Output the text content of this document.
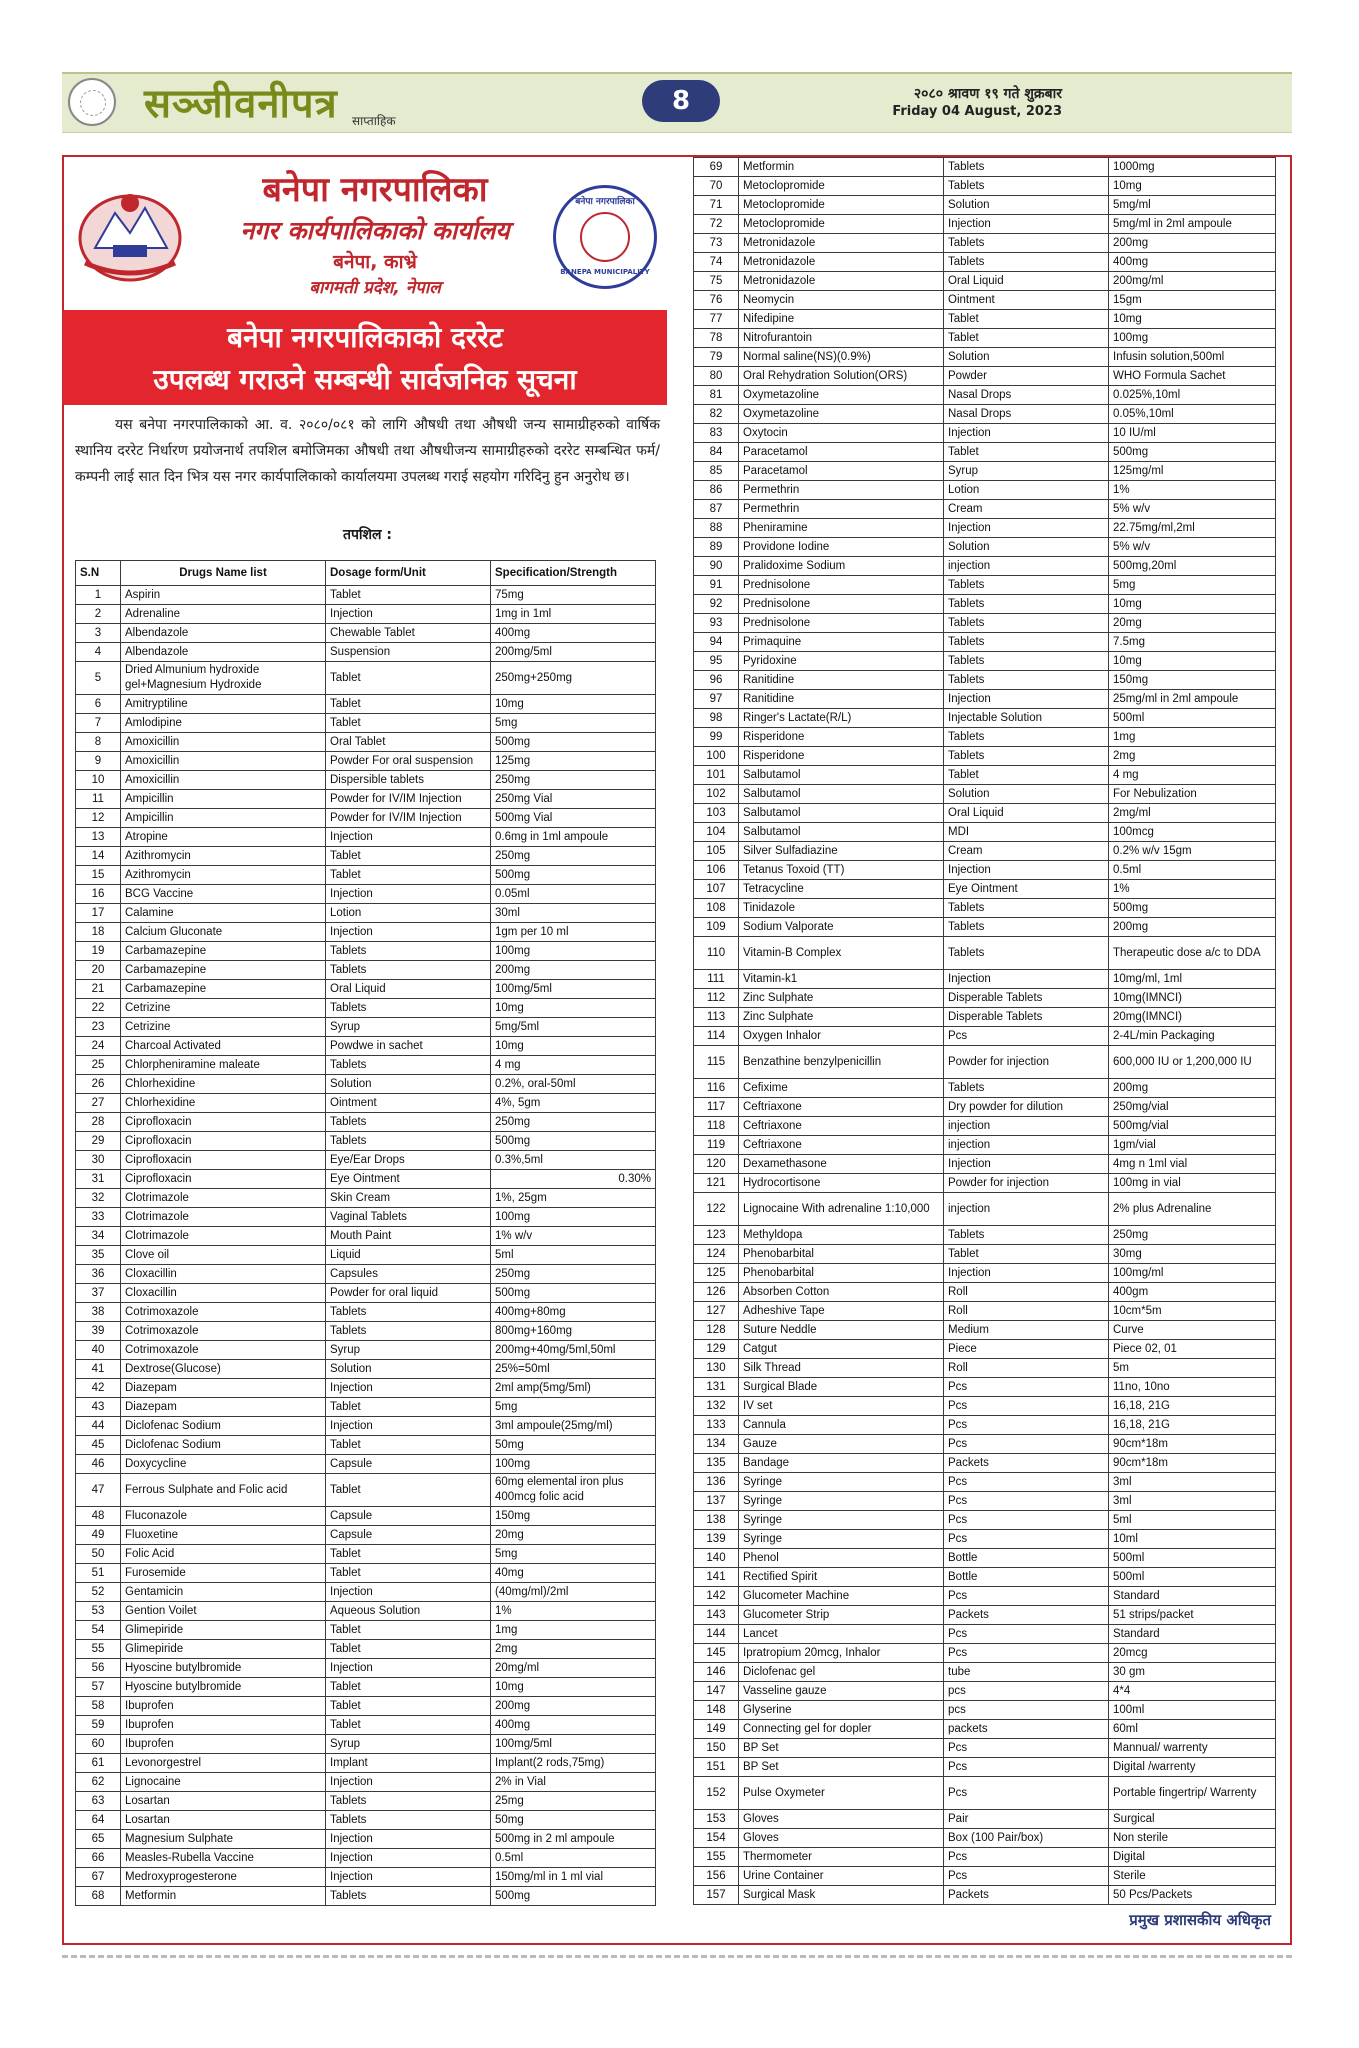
सञ्जीवनीपत्र साप्ताहिक
8	२०८० श्रावण १९ गते शुक्रबार
Friday 04 August, 2023
बनेपा नगरपालिका
नगर कार्यपालिकाको कार्यालय
बनेपा, काभ्रे
बागमती प्रदेश, नेपाल
बनेपा नगरपालिका
BANEPA MUNICIPALITY
बनेपा नगरपालिकाको दररेट
उपलब्ध गराउने सम्बन्धी सार्वजनिक सूचना
यस बनेपा नगरपालिकाको आ. व. २०८०/०८१ को लागि औषधी तथा औषधी जन्य सामाग्रीहरुको वार्षिक स्थानिय दररेट निर्धारण प्रयोजनार्थ तपशिल बमोजिमका औषधी तथा औषधीजन्य सामाग्रीहरुको दररेट सम्बन्धित फर्म/कम्पनी लाई सात दिन भित्र यस नगर कार्यपालिकाको कार्यालयमा उपलब्ध गराई सहयोग गरिदिनु हुन अनुरोध छ।
तपशिल :
S.N	Drugs Name list	Dosage form/Unit	Specification/Strength
1	Aspirin	Tablet	75mg
2	Adrenaline	Injection	1mg in 1ml
3	Albendazole	Chewable Tablet	400mg
4	Albendazole	Suspension	200mg/5ml
5	Dried Almunium hydroxide gel+Magnesium Hydroxide	Tablet	250mg+250mg
6	Amitryptiline	Tablet	10mg
7	Amlodipine	Tablet	5mg
8	Amoxicillin	Oral Tablet	500mg
9	Amoxicillin	Powder For oral suspension	125mg
10	Amoxicillin	Dispersible tablets	250mg
11	Ampicillin	Powder for IV/IM Injection	250mg Vial
12	Ampicillin	Powder for IV/IM Injection	500mg Vial
13	Atropine	Injection	0.6mg in 1ml ampoule
14	Azithromycin	Tablet	250mg
15	Azithromycin	Tablet	500mg
16	BCG Vaccine	Injection	0.05ml
17	Calamine	Lotion	30ml
18	Calcium Gluconate	Injection	1gm per 10 ml
19	Carbamazepine	Tablets	100mg
20	Carbamazepine	Tablets	200mg
21	Carbamazepine	Oral Liquid	100mg/5ml
22	Cetrizine	Tablets	10mg
23	Cetrizine	Syrup	5mg/5ml
24	Charcoal Activated	Powdwe in sachet	10mg
25	Chlorpheniramine maleate	Tablets	4 mg
26	Chlorhexidine	Solution	0.2%, oral-50ml
27	Chlorhexidine	Ointment	4%, 5gm
28	Ciprofloxacin	Tablets	250mg
29	Ciprofloxacin	Tablets	500mg
30	Ciprofloxacin	Eye/Ear Drops	0.3%,5ml
31	Ciprofloxacin	Eye Ointment	0.30%
32	Clotrimazole	Skin Cream	1%, 25gm
33	Clotrimazole	Vaginal Tablets	100mg
34	Clotrimazole	Mouth Paint	1% w/v
35	Clove oil	Liquid	5ml
36	Cloxacillin	Capsules	250mg
37	Cloxacillin	Powder for oral liquid	500mg
38	Cotrimoxazole	Tablets	400mg+80mg
39	Cotrimoxazole	Tablets	800mg+160mg
40	Cotrimoxazole	Syrup	200mg+40mg/5ml,50ml
41	Dextrose(Glucose)	Solution	25%=50ml
42	Diazepam	Injection	2ml amp(5mg/5ml)
43	Diazepam	Tablet	5mg
44	Diclofenac Sodium	Injection	3ml ampoule(25mg/ml)
45	Diclofenac Sodium	Tablet	50mg
46	Doxycycline	Capsule	100mg
47	Ferrous Sulphate and Folic acid	Tablet	60mg elemental iron plus 400mcg folic acid
48	Fluconazole	Capsule	150mg
49	Fluoxetine	Capsule	20mg
50	Folic Acid	Tablet	5mg
51	Furosemide	Tablet	40mg
52	Gentamicin	Injection	(40mg/ml)/2ml
53	Gention Voilet	Aqueous Solution	1%
54	Glimepiride	Tablet	1mg
55	Glimepiride	Tablet	2mg
56	Hyoscine butylbromide	Injection	20mg/ml
57	Hyoscine butylbromide	Tablet	10mg
58	Ibuprofen	Tablet	200mg
59	Ibuprofen	Tablet	400mg
60	Ibuprofen	Syrup	100mg/5ml
61	Levonorgestrel	Implant	Implant(2 rods,75mg)
62	Lignocaine	Injection	2% in Vial
63	Losartan	Tablets	25mg
64	Losartan	Tablets	50mg
65	Magnesium Sulphate	Injection	500mg in 2 ml ampoule
66	Measles-Rubella Vaccine	Injection	0.5ml
67	Medroxyprogesterone	Injection	150mg/ml in 1 ml vial
68	Metformin	Tablets	500mg
69	Metformin	Tablets	1000mg
70	Metoclopromide	Tablets	10mg
71	Metoclopromide	Solution	5mg/ml
72	Metoclopromide	Injection	5mg/ml in 2ml ampoule
73	Metronidazole	Tablets	200mg
74	Metronidazole	Tablets	400mg
75	Metronidazole	Oral Liquid	200mg/ml
76	Neomycin	Ointment	15gm
77	Nifedipine	Tablet	10mg
78	Nitrofurantoin	Tablet	100mg
79	Normal saline(NS)(0.9%)	Solution	Infusin solution,500ml
80	Oral Rehydration Solution(ORS)	Powder	WHO Formula Sachet
81	Oxymetazoline	Nasal Drops	0.025%,10ml
82	Oxymetazoline	Nasal Drops	0.05%,10ml
83	Oxytocin	Injection	10 IU/ml
84	Paracetamol	Tablet	500mg
85	Paracetamol	Syrup	125mg/ml
86	Permethrin	Lotion	1%
87	Permethrin	Cream	5% w/v
88	Pheniramine	Injection	22.75mg/ml,2ml
89	Providone Iodine	Solution	5% w/v
90	Pralidoxime Sodium	injection	500mg,20ml
91	Prednisolone	Tablets	5mg
92	Prednisolone	Tablets	10mg
93	Prednisolone	Tablets	20mg
94	Primaquine	Tablets	7.5mg
95	Pyridoxine	Tablets	10mg
96	Ranitidine	Tablets	150mg
97	Ranitidine	Injection	25mg/ml in 2ml ampoule
98	Ringer's Lactate(R/L)	Injectable Solution	500ml
99	Risperidone	Tablets	1mg
100	Risperidone	Tablets	2mg
101	Salbutamol	Tablet	4 mg
102	Salbutamol	Solution	For Nebulization
103	Salbutamol	Oral Liquid	2mg/ml
104	Salbutamol	MDI	100mcg
105	Silver Sulfadiazine	Cream	0.2% w/v 15gm
106	Tetanus Toxoid (TT)	Injection	0.5ml
107	Tetracycline	Eye Ointment	1%
108	Tinidazole	Tablets	500mg
109	Sodium Valporate	Tablets	200mg
110	Vitamin-B Complex	Tablets	Therapeutic dose a/c to DDA
111	Vitamin-k1	Injection	10mg/ml, 1ml
112	Zinc Sulphate	Disperable Tablets	10mg(IMNCI)
113	Zinc Sulphate	Disperable Tablets	20mg(IMNCI)
114	Oxygen Inhalor	Pcs	2-4L/min Packaging
115	Benzathine benzylpenicillin	Powder for injection	600,000 IU or 1,200,000 IU
116	Cefixime	Tablets	200mg
117	Ceftriaxone	Dry powder for dilution	250mg/vial
118	Ceftriaxone	injection	500mg/vial
119	Ceftriaxone	injection	1gm/vial
120	Dexamethasone	Injection	4mg n 1ml vial
121	Hydrocortisone	Powder for injection	100mg in vial
122	Lignocaine With adrenaline 1:10,000	injection	2% plus Adrenaline
123	Methyldopa	Tablets	250mg
124	Phenobarbital	Tablet	30mg
125	Phenobarbital	Injection	100mg/ml
126	Absorben Cotton	Roll	400gm
127	Adheshive Tape	Roll	10cm*5m
128	Suture Neddle	Medium	Curve
129	Catgut	Piece	Piece 02, 01
130	Silk Thread	Roll	5m
131	Surgical Blade	Pcs	11no, 10no
132	IV set	Pcs	16,18, 21G
133	Cannula	Pcs	16,18, 21G
134	Gauze	Pcs	90cm*18m
135	Bandage	Packets	90cm*18m
136	Syringe	Pcs	3ml
137	Syringe	Pcs	3ml
138	Syringe	Pcs	5ml
139	Syringe	Pcs	10ml
140	Phenol	Bottle	500ml
141	Rectified Spirit	Bottle	500ml
142	Glucometer Machine	Pcs	Standard
143	Glucometer Strip	Packets	51 strips/packet
144	Lancet	Pcs	Standard
145	Ipratropium 20mcg, Inhalor	Pcs	20mcg
146	Diclofenac gel	tube	30 gm
147	Vasseline gauze	pcs	4*4
148	Glyserine	pcs	100ml
149	Connecting gel for dopler	packets	60ml
150	BP Set	Pcs	Mannual/ warrenty
151	BP Set	Pcs	Digital /warrenty
152	Pulse Oxymeter	Pcs	Portable fingertrip/ Warrenty
153	Gloves	Pair	Surgical
154	Gloves	Box (100 Pair/box)	Non sterile
155	Thermometer	Pcs	Digital
156	Urine Container	Pcs	Sterile
157	Surgical Mask	Packets	50 Pcs/Packets
प्रमुख प्रशासकीय अधिकृत
